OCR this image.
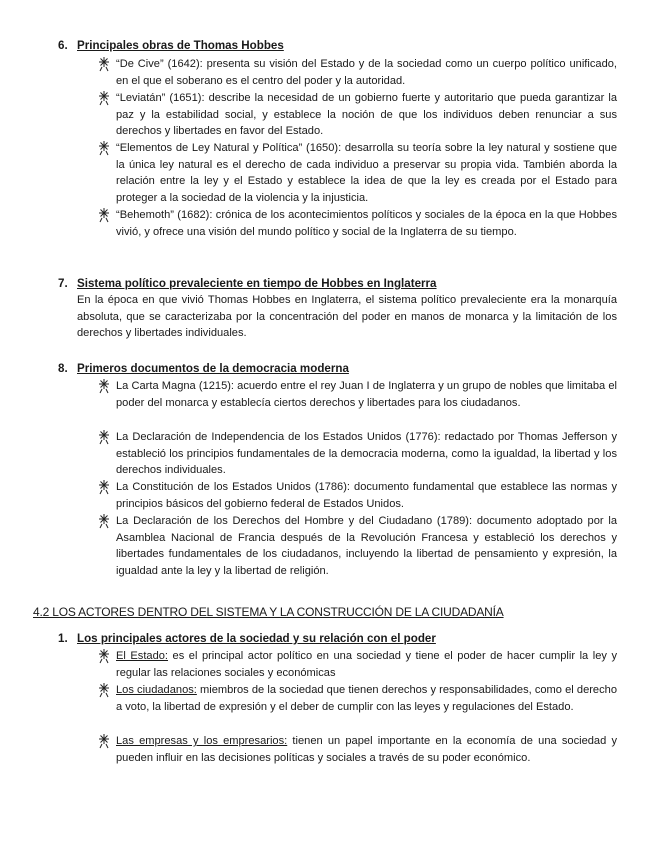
6. Principales obras de Thomas Hobbes
“De Cive” (1642): presenta su visión del Estado y de la sociedad como un cuerpo político unificado, en el que el soberano es el centro del poder y la autoridad.
“Leviatán” (1651): describe la necesidad de un gobierno fuerte y autoritario que pueda garantizar la paz y la estabilidad social, y establece la noción de que los individuos deben renunciar a sus derechos y libertades en favor del Estado.
“Elementos de Ley Natural y Política” (1650): desarrolla su teoría sobre la ley natural y sostiene que la única ley natural es el derecho de cada individuo a preservar su propia vida. También aborda la relación entre la ley y el Estado y establece la idea de que la ley es creada por el Estado para proteger a la sociedad de la violencia y la injusticia.
“Behemoth” (1682): crónica de los acontecimientos políticos y sociales de la época en la que Hobbes vivió, y ofrece una visión del mundo político y social de la Inglaterra de su tiempo.
7. Sistema político prevaleciente en tiempo de Hobbes en Inglaterra
En la época en que vivió Thomas Hobbes en Inglaterra, el sistema político prevaleciente era la monarquía absoluta, que se caracterizaba por la concentración del poder en manos de monarca y la limitación de los derechos y libertades individuales.
8. Primeros documentos de la democracia moderna
La Carta Magna (1215): acuerdo entre el rey Juan I de Inglaterra y un grupo de nobles que limitaba el poder del monarca y establecía ciertos derechos y libertades para los ciudadanos.
La Declaración de Independencia de los Estados Unidos (1776): redactado por Thomas Jefferson y estableció los principios fundamentales de la democracia moderna, como la igualdad, la libertad y los derechos individuales.
La Constitución de los Estados Unidos (1786): documento fundamental que establece las normas y principios básicos del gobierno federal de Estados Unidos.
La Declaración de los Derechos del Hombre y del Ciudadano (1789): documento adoptado por la Asamblea Nacional de Francia después de la Revolución Francesa y estableció los derechos y libertades fundamentales de los ciudadanos, incluyendo la libertad de pensamiento y expresión, la igualdad ante la ley y la libertad de religión.
4.2 LOS ACTORES DENTRO DEL SISTEMA Y LA CONSTRUCCIÓN DE LA CIUDADANÍA
1. Los principales actores de la sociedad y su relación con el poder
El Estado: es el principal actor político en una sociedad y tiene el poder de hacer cumplir la ley y regular las relaciones sociales y económicas
Los ciudadanos: miembros de la sociedad que tienen derechos y responsabilidades, como el derecho a voto, la libertad de expresión y el deber de cumplir con las leyes y regulaciones del Estado.
Las empresas y los empresarios: tienen un papel importante en la economía de una sociedad y pueden influir en las decisiones políticas y sociales a través de su poder económico.
